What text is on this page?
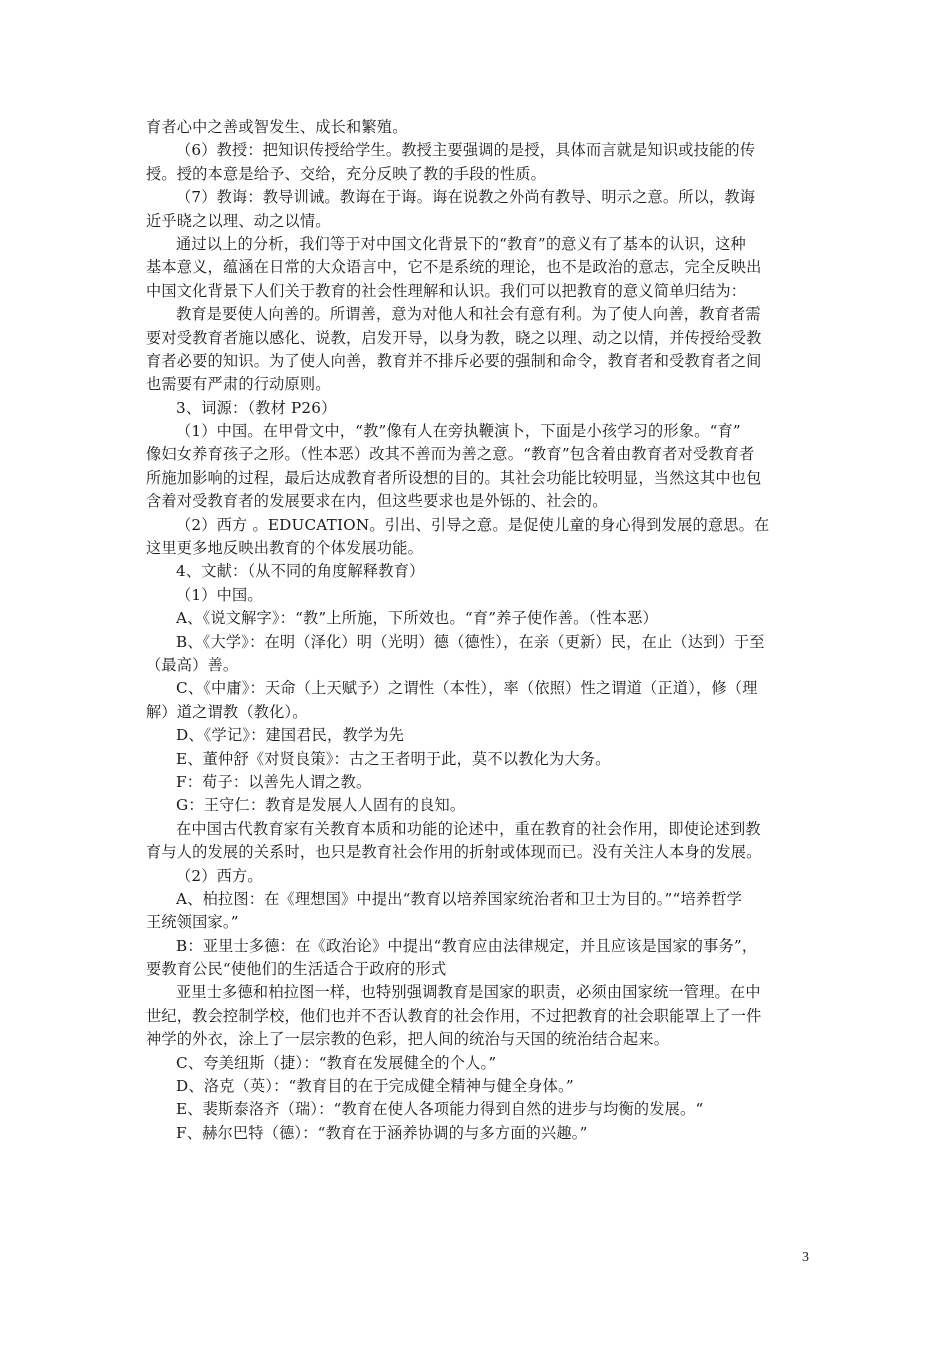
育者心中之善或智发生、成长和繁殖。
（6）教授：把知识传授给学生。教授主要强调的是授，具体而言就是知识或技能的传
授。授的本意是给予、交给，充分反映了教的手段的性质。
（7）教诲：教导训诫。教诲在于诲。诲在说教之外尚有教导、明示之意。所以，教诲
近乎晓之以理、动之以情。
通过以上的分析，我们等于对中国文化背景下的“教育”的意义有了基本的认识，这种
基本意义，蕴涵在日常的大众语言中，它不是系统的理论，也不是政治的意志，完全反映出
中国文化背景下人们关于教育的社会性理解和认识。我们可以把教育的意义简单归结为：
教育是要使人向善的。所谓善，意为对他人和社会有意有利。为了使人向善，教育者需
要对受教育者施以感化、说教，启发开导，以身为教，晓之以理、动之以情，并传授给受教
育者必要的知识。为了使人向善，教育并不排斥必要的强制和命令，教育者和受教育者之间
也需要有严肃的行动原则。
3、词源：（教材 P26）
（1）中国。在甲骨文中，“教”像有人在旁执鞭演卜，下面是小孩学习的形象。“育”
像妇女养育孩子之形。（性本恶）改其不善而为善之意。“教育”包含着由教育者对受教育者
所施加影响的过程，最后达成教育者所设想的目的。其社会功能比较明显，当然这其中也包
含着对受教育者的发展要求在内，但这些要求也是外铄的、社会的。
（2）西方 。EDUCATION。引出、引导之意。是促使儿童的身心得到发展的意思。在
这里更多地反映出教育的个体发展功能。
4、文献：（从不同的角度解释教育）
（1）中国。
A、《说文解字》：“教”上所施，下所效也。“育”养子使作善。（性本恶）
B、《大学》：在明（泽化）明（光明）德（德性），在亲（更新）民，在止（达到）于至
（最高）善。
C、《中庸》：天命（上天赋予）之谓性（本性），率（依照）性之谓道（正道），修（理
解）道之谓教（教化）。
D、《学记》：建国君民，教学为先
E、董仲舒《对贤良策》：古之王者明于此，莫不以教化为大务。
F：荀子：以善先人谓之教。
G：王守仁：教育是发展人人固有的良知。
在中国古代教育家有关教育本质和功能的论述中，重在教育的社会作用，即使论述到教
育与人的发展的关系时，也只是教育社会作用的折射或体现而已。没有关注人本身的发展。
（2）西方。
A、柏拉图：在《理想国》中提出“教育以培养国家统治者和卫士为目的。”“培养哲学
王统领国家。”
B：亚里士多德：在《政治论》中提出“教育应由法律规定，并且应该是国家的事务”，
要教育公民“使他们的生活适合于政府的形式
亚里士多德和柏拉图一样，也特别强调教育是国家的职责，必须由国家统一管理。在中
世纪，教会控制学校，他们也并不否认教育的社会作用，不过把教育的社会职能罩上了一件
神学的外衣，涂上了一层宗教的色彩，把人间的统治与天国的统治结合起来。
C、夸美纽斯（捷）：“教育在发展健全的个人。”
D、洛克（英）：“教育目的在于完成健全精神与健全身体。”
E、裴斯泰洛齐（瑞）：“教育在使人各项能力得到自然的进步与均衡的发展。“
F、赫尔巴特（德）：“教育在于涵养协调的与多方面的兴趣。”
3
